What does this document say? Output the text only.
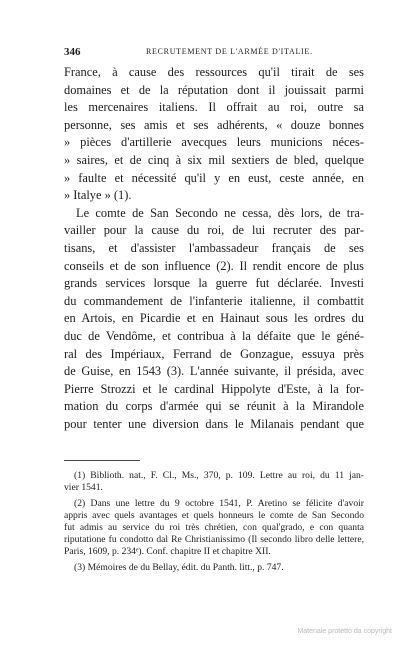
346	RECRUTEMENT DE L'ARMÉE D'ITALIE.
France, à cause des ressources qu'il tirait de ses
domaines et de la réputation dont il jouissait parmi
les mercenaires italiens. Il offrait au roi, outre sa
personne, ses amis et ses adhérents, « douze bonnes
» pièces d'artillerie avecques leurs municions néces-
» saires, et de cinq à six mil sextiers de bled, quelque
» faulte et nécessité qu'il y en eust, ceste année, en
» Italye » (1).
Le comte de San Secondo ne cessa, dès lors, de tra-
vailler pour la cause du roi, de lui recruter des par-
tisans, et d'assister l'ambassadeur français de ses
conseils et de son influence (2). Il rendit encore de plus
grands services lorsque la guerre fut déclarée. Investi
du commandement de l'infanterie italienne, il combattit
en Artois, en Picardie et en Hainaut sous les ordres du
duc de Vendôme, et contribua à la défaite que le géné-
ral des Impériaux, Ferrand de Gonzague, essuya près
de Guise, en 1543 (3). L'année suivante, il présida, avec
Pierre Strozzi et le cardinal Hippolyte d'Este, à la for-
mation du corps d'armée qui se réunit à la Mirandole
pour tenter une diversion dans le Milanais pendant que
(1) Biblioth. nat., F. Cl., Ms., 370, p. 109. Lettre au roi, du 11 jan-
vier 1541.
(2) Dans une lettre du 9 octobre 1541, P. Aretino se félicite d'avoir
appris avec quels avantages et quels honneurs le comte de San Secondo
fut admis au service du roi très chrétien, con qual'grado, e con quanta
riputatione fu condotto dal Re Christianissimo (Il secondo libro delle lettere,
Paris, 1609, p. 234ᵉ). Conf. chapitre II et chapitre XII.
(3) Mémoires de du Bellay, édit. du Panth. litt., p. 747.
Materiale protetto da copyright
